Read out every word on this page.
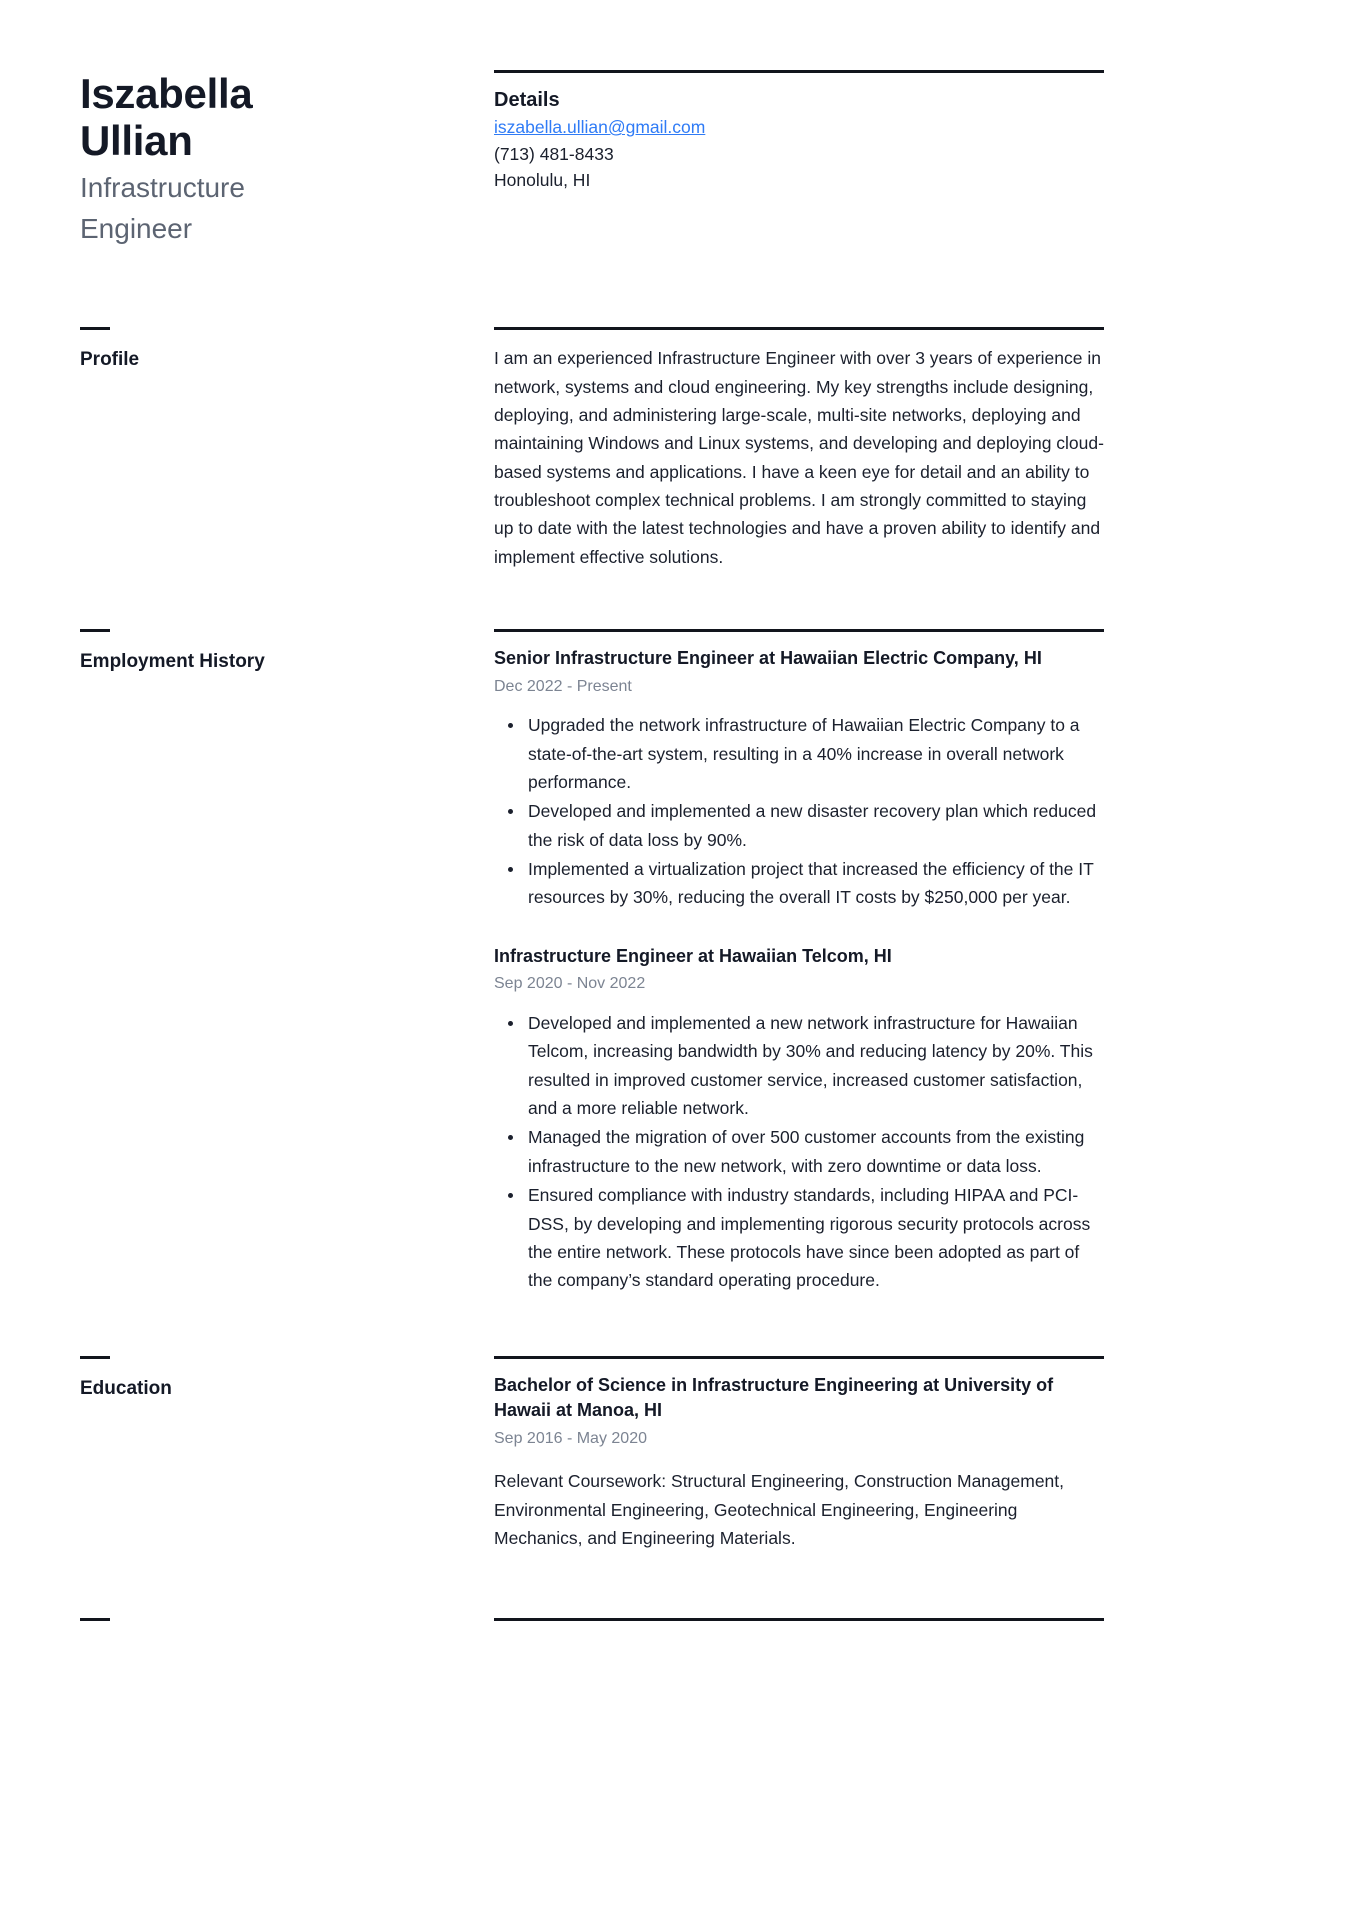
Iszabella
Ullian
Infrastructure
Engineer
Details
iszabella.ullian@gmail.com
(713) 481-8433
Honolulu, HI
Profile	I am an experienced Infrastructure Engineer with over 3 years of experience in network, systems and cloud engineering. My key strengths include designing, deploying, and administering large-scale, multi-site networks, deploying and maintaining Windows and Linux systems, and developing and deploying cloud-based systems and applications. I have a keen eye for detail and an ability to troubleshoot complex technical problems. I am strongly committed to staying up to date with the latest technologies and have a proven ability to identify and implement effective solutions.

Employment History	Senior Infrastructure Engineer at Hawaiian Electric Company, HI
Dec 2022 - Present
Upgraded the network infrastructure of Hawaiian Electric Company to a state-of-the-art system, resulting in a 40% increase in overall network performance.
Developed and implemented a new disaster recovery plan which reduced the risk of data loss by 90%.
Implemented a virtualization project that increased the efficiency of the IT resources by 30%, reducing the overall IT costs by $250,000 per year.
Infrastructure Engineer at Hawaiian Telcom, HI
Sep 2020 - Nov 2022
Developed and implemented a new network infrastructure for Hawaiian Telcom, increasing bandwidth by 30% and reducing latency by 20%. This resulted in improved customer service, increased customer satisfaction, and a more reliable network.
Managed the migration of over 500 customer accounts from the existing infrastructure to the new network, with zero downtime or data loss.
Ensured compliance with industry standards, including HIPAA and PCI-DSS, by developing and implementing rigorous security protocols across the entire network. These protocols have since been adopted as part of the company’s standard operating procedure.
Education	Bachelor of Science in Infrastructure Engineering at University of Hawaii at Manoa, HI
Sep 2016 - May 2020

Relevant Coursework: Structural Engineering, Construction Management, Environmental Engineering, Geotechnical Engineering, Engineering Mechanics, and Engineering Materials.
